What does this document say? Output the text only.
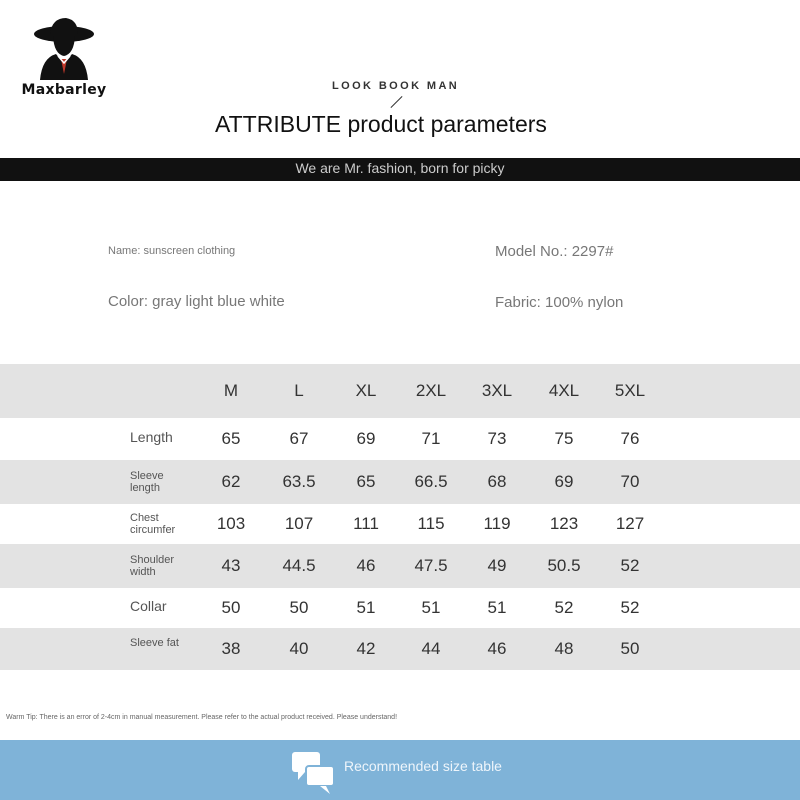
Maxbarley	LOOK BOOK MAN
ATTRIBUTE product parameters
We are Mr. fashion, born for picky
Name: sunscreen clothing	Model No.: 2297#
Color: gray light blue white	Fabric: 100% nylon
M	L	XL	2XL	3XL	4XL	5XL
Length	65	67	69	71	73	75	76
Sleeve length	62	63.5	65	66.5	68	69	70
Chest circumfer	103	107	111	115	119	123	127
Shoulder width	43	44.5	46	47.5	49	50.5	52
Collar	50	50	51	51	51	52	52
Sleeve fat	38	40	42	44	46	48	50
Warm Tip: There is an error of 2-4cm in manual measurement. Please refer to the actual product received. Please understand!
Recommended size table
